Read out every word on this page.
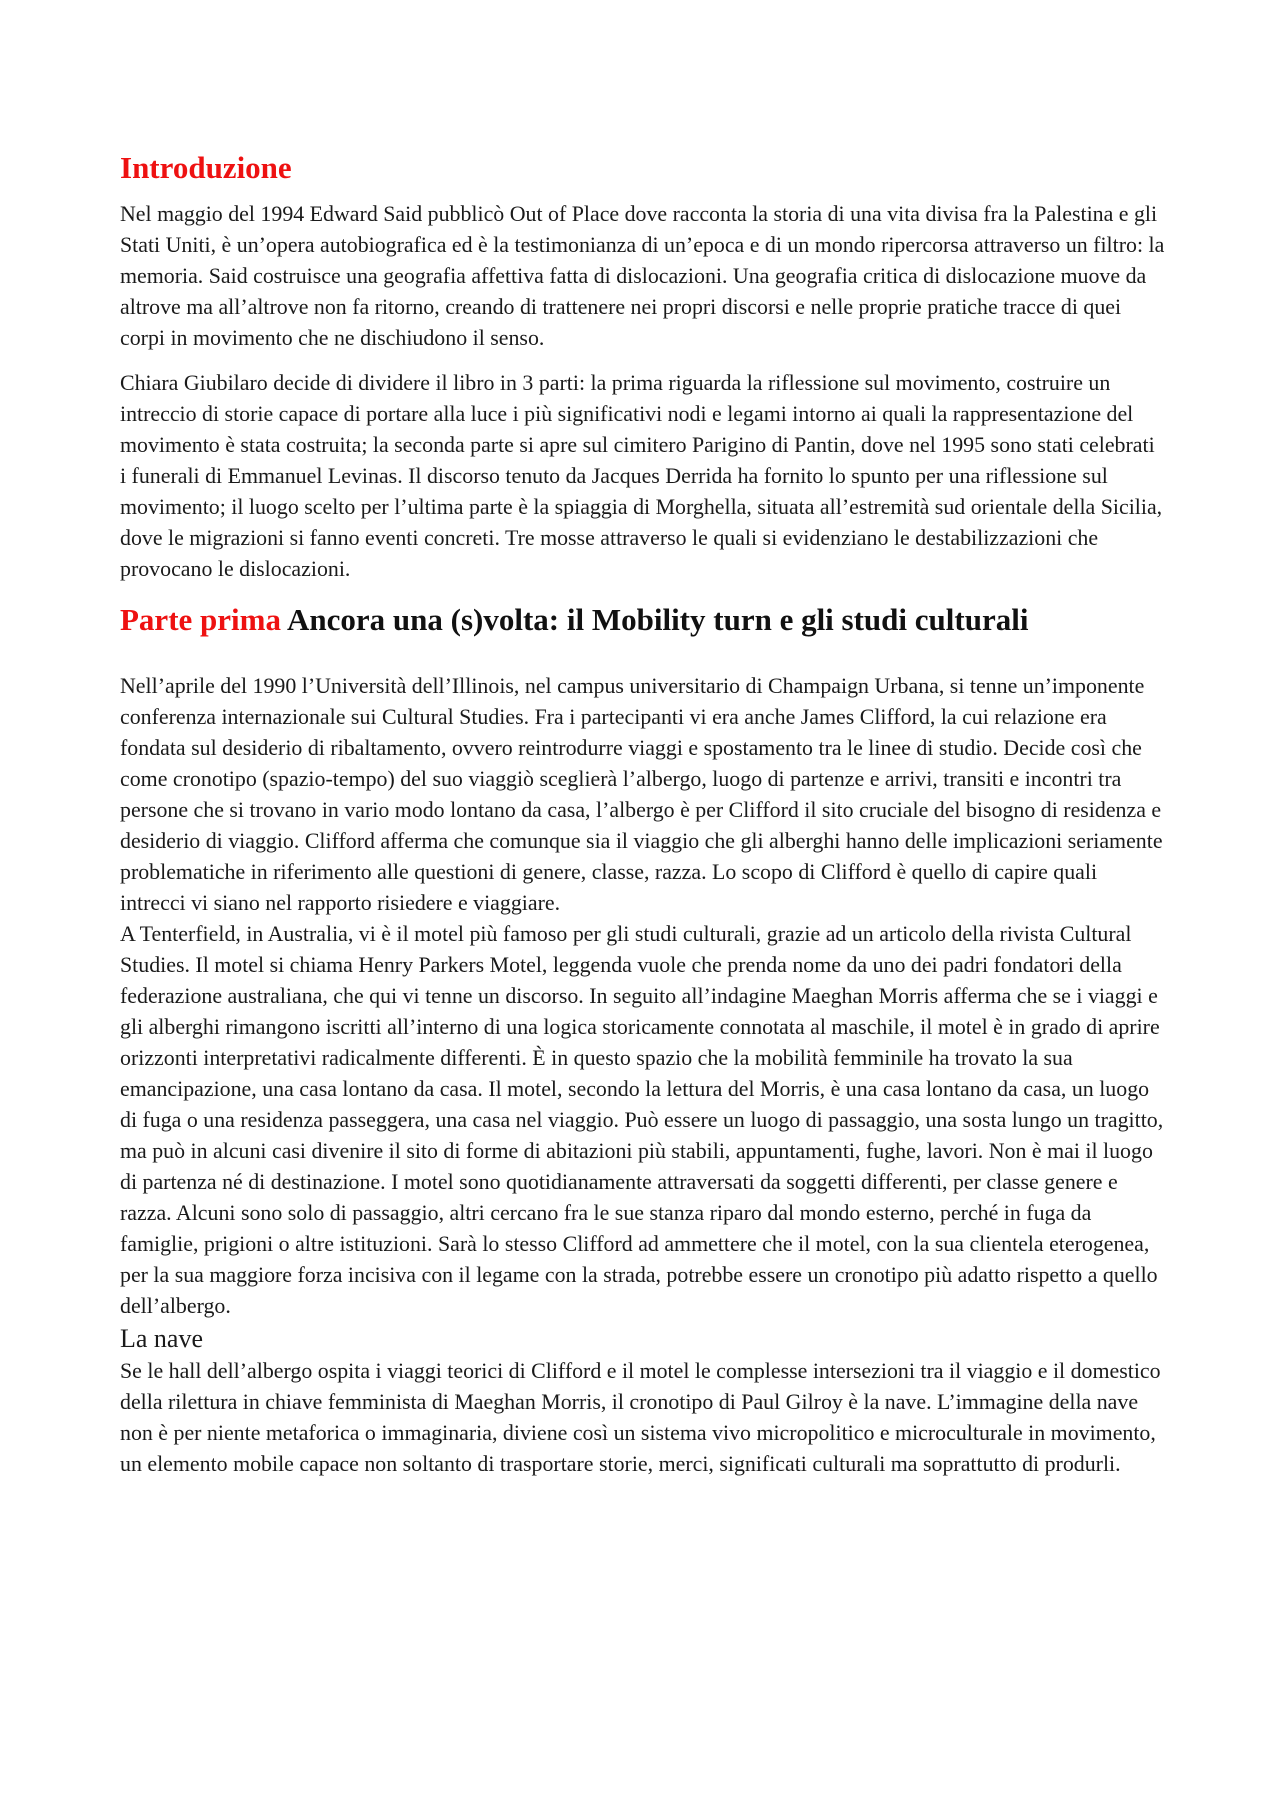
Introduzione

Nel maggio del 1994 Edward Said pubblicò Out of Place dove racconta la storia di una vita divisa fra la Palestina e gli Stati Uniti, è un’opera autobiografica ed è la testimonianza di un’epoca e di un mondo ripercorsa attraverso un filtro: la memoria. Said costruisce una geografia affettiva fatta di dislocazioni. Una geografia critica di dislocazione muove da altrove ma all’altrove non fa ritorno, creando di trattenere nei propri discorsi e nelle proprie pratiche tracce di quei corpi in movimento che ne dischiudono il senso.

Chiara Giubilaro decide di dividere il libro in 3 parti: la prima riguarda la riflessione sul movimento, costruire un intreccio di storie capace di portare alla luce i più significativi nodi e legami intorno ai quali la rappresentazione del movimento è stata costruita; la seconda parte si apre sul cimitero Parigino di Pantin, dove nel 1995 sono stati celebrati i funerali di Emmanuel Levinas. Il discorso tenuto da Jacques Derrida ha fornito lo spunto per una riflessione sul movimento; il luogo scelto per l’ultima parte è la spiaggia di Morghella, situata all’estremità sud orientale della Sicilia, dove le migrazioni si fanno eventi concreti. Tre mosse attraverso le quali si evidenziano le destabilizzazioni che provocano le dislocazioni.

Parte prima Ancora una (s)volta: il Mobility turn e gli studi culturali

Nell’aprile del 1990 l’Università dell’Illinois, nel campus universitario di Champaign Urbana, si tenne un’imponente conferenza internazionale sui Cultural Studies. Fra i partecipanti vi era anche James Clifford, la cui relazione era fondata sul desiderio di ribaltamento, ovvero reintrodurre viaggi e spostamento tra le linee di studio. Decide così che come cronotipo (spazio-tempo) del suo viaggiò sceglierà l’albergo, luogo di partenze e arrivi, transiti e incontri tra persone che si trovano in vario modo lontano da casa, l’albergo è per Clifford il sito cruciale del bisogno di residenza e desiderio di viaggio. Clifford afferma che comunque sia il viaggio che gli alberghi hanno delle implicazioni seriamente problematiche in riferimento alle questioni di genere, classe, razza. Lo scopo di Clifford è quello di capire quali intrecci vi siano nel rapporto risiedere e viaggiare.

A Tenterfield, in Australia, vi è il motel più famoso per gli studi culturali, grazie ad un articolo della rivista Cultural Studies. Il motel si chiama Henry Parkers Motel, leggenda vuole che prenda nome da uno dei padri fondatori della federazione australiana, che qui vi tenne un discorso. In seguito all’indagine Maeghan Morris afferma che se i viaggi e gli alberghi rimangono iscritti all’interno di una logica storicamente connotata al maschile, il motel è in grado di aprire orizzonti interpretativi radicalmente differenti. È in questo spazio che la mobilità femminile ha trovato la sua emancipazione, una casa lontano da casa. Il motel, secondo la lettura del Morris, è una casa lontano da casa, un luogo di fuga o una residenza passeggera, una casa nel viaggio. Può essere un luogo di passaggio, una sosta lungo un tragitto, ma può in alcuni casi divenire il sito di forme di abitazioni più stabili, appuntamenti, fughe, lavori. Non è mai il luogo di partenza né di destinazione. I motel sono quotidianamente attraversati da soggetti differenti, per classe genere e razza. Alcuni sono solo di passaggio, altri cercano fra le sue stanza riparo dal mondo esterno, perché in fuga da famiglie, prigioni o altre istituzioni. Sarà lo stesso Clifford ad ammettere che il motel, con la sua clientela eterogenea, per la sua maggiore forza incisiva con il legame con la strada, potrebbe essere un cronotipo più adatto rispetto a quello dell’albergo.

La nave

Se le hall dell’albergo ospita i viaggi teorici di Clifford e il motel le complesse intersezioni tra il viaggio e il domestico della rilettura in chiave femminista di Maeghan Morris, il cronotipo di Paul Gilroy è la nave. L’immagine della nave non è per niente metaforica o immaginaria, diviene così un sistema vivo micropolitico e microculturale in movimento, un elemento mobile capace non soltanto di trasportare storie, merci, significati culturali ma soprattutto di produrli.
